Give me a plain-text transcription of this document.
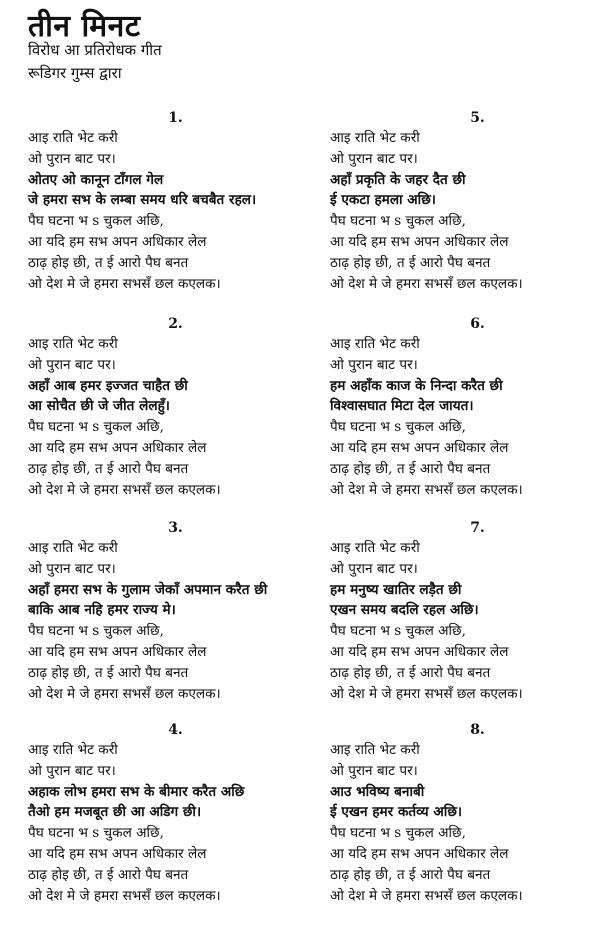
तीन मिनट
विरोध आ प्रतिरोधक गीत
रूडिगर गुम्स द्वारा
1.
आइ राति भेट करी
ओ पुरान बाट पर।
ओतए ओ कानून टाँगल गेल
जे हमरा सभ के लम्बा समय धरि बचबैत रहल।
पैघ घटना भ s चुकल अछि,
आ यदि हम सभ अपन अधिकार लेल
ठाढ़ होइ छी, त ई आरो पैघ बनत
ओ देश मे जे हमरा सभसँ छल कएलक।
2.
आइ राति भेट करी
ओ पुरान बाट पर।
अहाँ आब हमर इज्जत चाहैत छी
आ सोचैत छी जे जीत लेलहुँ।
पैघ घटना भ s चुकल अछि,
आ यदि हम सभ अपन अधिकार लेल
ठाढ़ होइ छी, त ई आरो पैघ बनत
ओ देश मे जे हमरा सभसँ छल कएलक।
3.
आइ राति भेट करी
ओ पुरान बाट पर।
अहाँ हमरा सभ के गुलाम जेकाँ अपमान करैत छी
बाकि आब नहि हमर राज्य मे।
पैघ घटना भ s चुकल अछि,
आ यदि हम सभ अपन अधिकार लेल
ठाढ़ होइ छी, त ई आरो पैघ बनत
ओ देश मे जे हमरा सभसँ छल कएलक।
4.
आइ राति भेट करी
ओ पुरान बाट पर।
अहाक लोभ हमरा सभ के बीमार करैत अछि
तैओ हम मजबूत छी आ अडिग छी।
पैघ घटना भ s चुकल अछि,
आ यदि हम सभ अपन अधिकार लेल
ठाढ़ होइ छी, त ई आरो पैघ बनत
ओ देश मे जे हमरा सभसँ छल कएलक।
5.
आइ राति भेट करी
ओ पुरान बाट पर।
अहाँ प्रकृति के जहर दैत छी
ई एकटा हमला अछि।
पैघ घटना भ s चुकल अछि,
आ यदि हम सभ अपन अधिकार लेल
ठाढ़ होइ छी, त ई आरो पैघ बनत
ओ देश मे जे हमरा सभसँ छल कएलक।
6.
आइ राति भेट करी
ओ पुरान बाट पर।
हम अहाँक काज के निन्दा करैत छी
विश्वासघात मिटा देल जायत।
पैघ घटना भ s चुकल अछि,
आ यदि हम सभ अपन अधिकार लेल
ठाढ़ होइ छी, त ई आरो पैघ बनत
ओ देश मे जे हमरा सभसँ छल कएलक।
7.
आइ राति भेट करी
ओ पुरान बाट पर।
हम मनुष्य खातिर लड़ैत छी
एखन समय बदलि रहल अछि।
पैघ घटना भ s चुकल अछि,
आ यदि हम सभ अपन अधिकार लेल
ठाढ़ होइ छी, त ई आरो पैघ बनत
ओ देश मे जे हमरा सभसँ छल कएलक।
8.
आइ राति भेट करी
ओ पुरान बाट पर।
आउ भविष्य बनाबी
ई एखन हमर कर्तव्य अछि।
पैघ घटना भ s चुकल अछि,
आ यदि हम सभ अपन अधिकार लेल
ठाढ़ होइ छी, त ई आरो पैघ बनत
ओ देश मे जे हमरा सभसँ छल कएलक।
